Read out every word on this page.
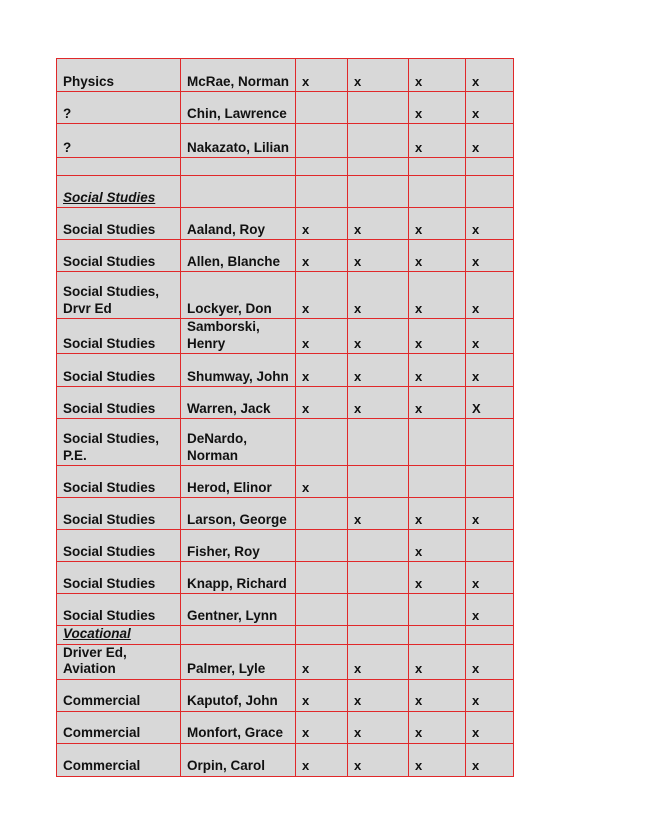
Physics	McRae, Norman	x	x	x	x
?	Chin, Lawrence			x	x
?	Nakazato, Lilian			x	x

Social Studies					
Social Studies	Aaland, Roy	x	x	x	x
Social Studies	Allen, Blanche	x	x	x	x
Social Studies, Drvr Ed	Lockyer, Don	x	x	x	x
Social Studies	Samborski, Henry	x	x	x	x
Social Studies	Shumway, John	x	x	x	x
Social Studies	Warren, Jack	x	x	x	X
Social Studies, P.E.	DeNardo, Norman				
Social Studies	Herod, Elinor	x			
Social Studies	Larson, George		x	x	x
Social Studies	Fisher, Roy			x	
Social Studies	Knapp, Richard			x	x
Social Studies	Gentner, Lynn				x
Vocational					
Driver Ed, Aviation	Palmer, Lyle	x	x	x	x
Commercial	Kaputof, John	x	x	x	x
Commercial	Monfort, Grace	x	x	x	x
Commercial	Orpin, Carol	x	x	x	x
